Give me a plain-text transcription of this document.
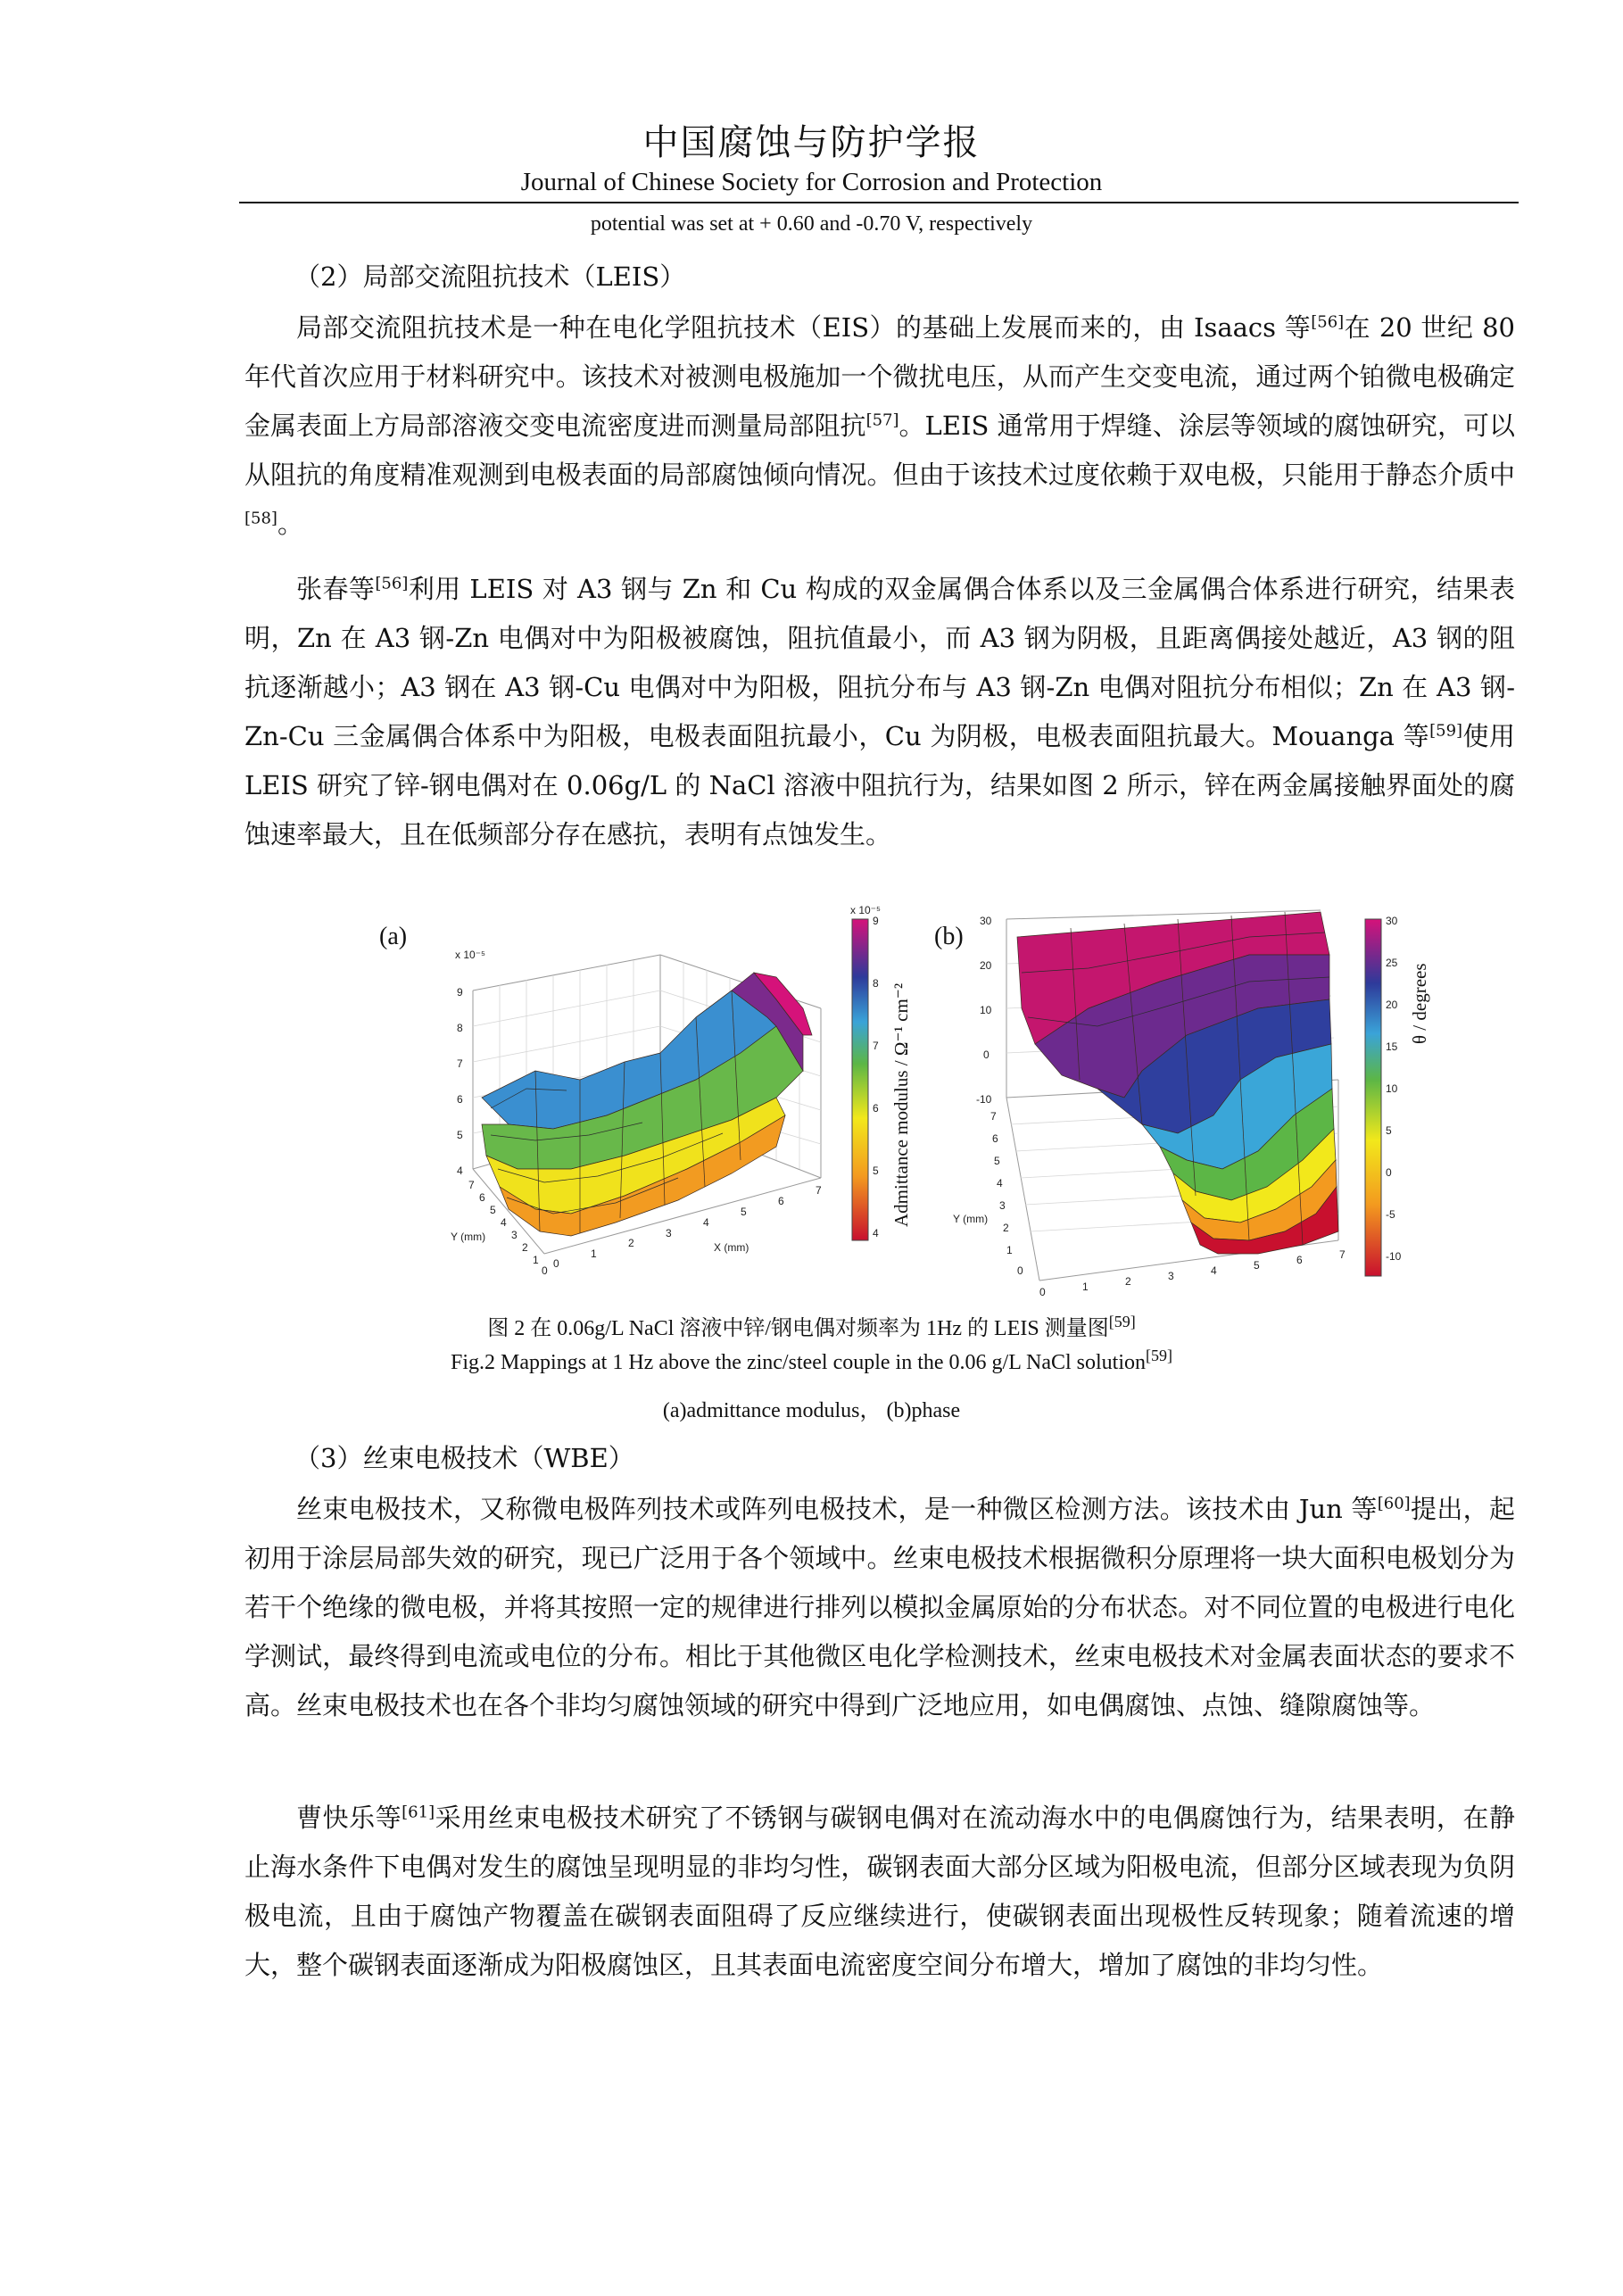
中国腐蚀与防护学报
Journal of Chinese Society for Corrosion and Protection
potential was set at + 0.60 and -0.70 V, respectively

（2）局部交流阻抗技术（LEIS）

局部交流阻抗技术是一种在电化学阻抗技术（EIS）的基础上发展而来的，由 Isaacs 等[56]在 20 世纪 80 年代首次应用于材料研究中。该技术对被测电极施加一个微扰电压，从而产生交变电流，通过两个铂微电极确定金属表面上方局部溶液交变电流密度进而测量局部阻抗[57]。LEIS 通常用于焊缝、涂层等领域的腐蚀研究，可以从阻抗的角度精准观测到电极表面的局部腐蚀倾向情况。但由于该技术过度依赖于双电极，只能用于静态介质中[58]。

张春等[56]利用 LEIS 对 A3 钢与 Zn 和 Cu 构成的双金属偶合体系以及三金属偶合体系进行研究，结果表明，Zn 在 A3 钢-Zn 电偶对中为阳极被腐蚀，阻抗值最小，而 A3 钢为阴极，且距离偶接处越近，A3 钢的阻抗逐渐越小；A3 钢在 A3 钢-Cu 电偶对中为阳极，阻抗分布与 A3 钢-Zn 电偶对阻抗分布相似；Zn 在 A3 钢-Zn-Cu 三金属偶合体系中为阳极，电极表面阻抗最小，Cu 为阴极，电极表面阻抗最大。Mouanga 等[59]使用 LEIS 研究了锌-钢电偶对在 0.06g/L 的 NaCl 溶液中阻抗行为，结果如图 2 所示，锌在两金属接触界面处的腐蚀速率最大，且在低频部分存在感抗，表明有点蚀发生。

(a)
x 10⁻⁵
9
8
7
6
5
4
7
6
5
4
3
2
1
0
Y (mm)
0
1
2
3
4
5
6
7
X (mm)
x 10⁻⁵
9
8
7
6
5
4
Admittance modulus / Ω⁻¹ cm⁻²
(b)
30
20
10
0
-10
7
6
5
4
3
2
1
0
Y (mm)
0	1	2	3	4	5	6	7
30
25
20
15
10
5
0
-5
-10
θ / degrees

图 2 在 0.06g/L NaCl 溶液中锌/钢电偶对频率为 1Hz 的 LEIS 测量图[59]

Fig.2 Mappings at 1 Hz above the zinc/steel couple in the 0.06 g/L NaCl solution[59]

(a)admittance modulus， (b)phase

（3）丝束电极技术（WBE）

丝束电极技术，又称微电极阵列技术或阵列电极技术，是一种微区检测方法。该技术由 Jun 等[60]提出，起初用于涂层局部失效的研究，现已广泛用于各个领域中。丝束电极技术根据微积分原理将一块大面积电极划分为若干个绝缘的微电极，并将其按照一定的规律进行排列以模拟金属原始的分布状态。对不同位置的电极进行电化学测试，最终得到电流或电位的分布。相比于其他微区电化学检测技术，丝束电极技术对金属表面状态的要求不高。丝束电极技术也在各个非均匀腐蚀领域的研究中得到广泛地应用，如电偶腐蚀、点蚀、缝隙腐蚀等。

曹快乐等[61]采用丝束电极技术研究了不锈钢与碳钢电偶对在流动海水中的电偶腐蚀行为，结果表明，在静止海水条件下电偶对发生的腐蚀呈现明显的非均匀性，碳钢表面大部分区域为阳极电流，但部分区域表现为负阴极电流，且由于腐蚀产物覆盖在碳钢表面阻碍了反应继续进行，使碳钢表面出现极性反转现象；随着流速的增大，整个碳钢表面逐渐成为阳极腐蚀区，且其表面电流密度空间分布增大，增加了腐蚀的非均匀性。
